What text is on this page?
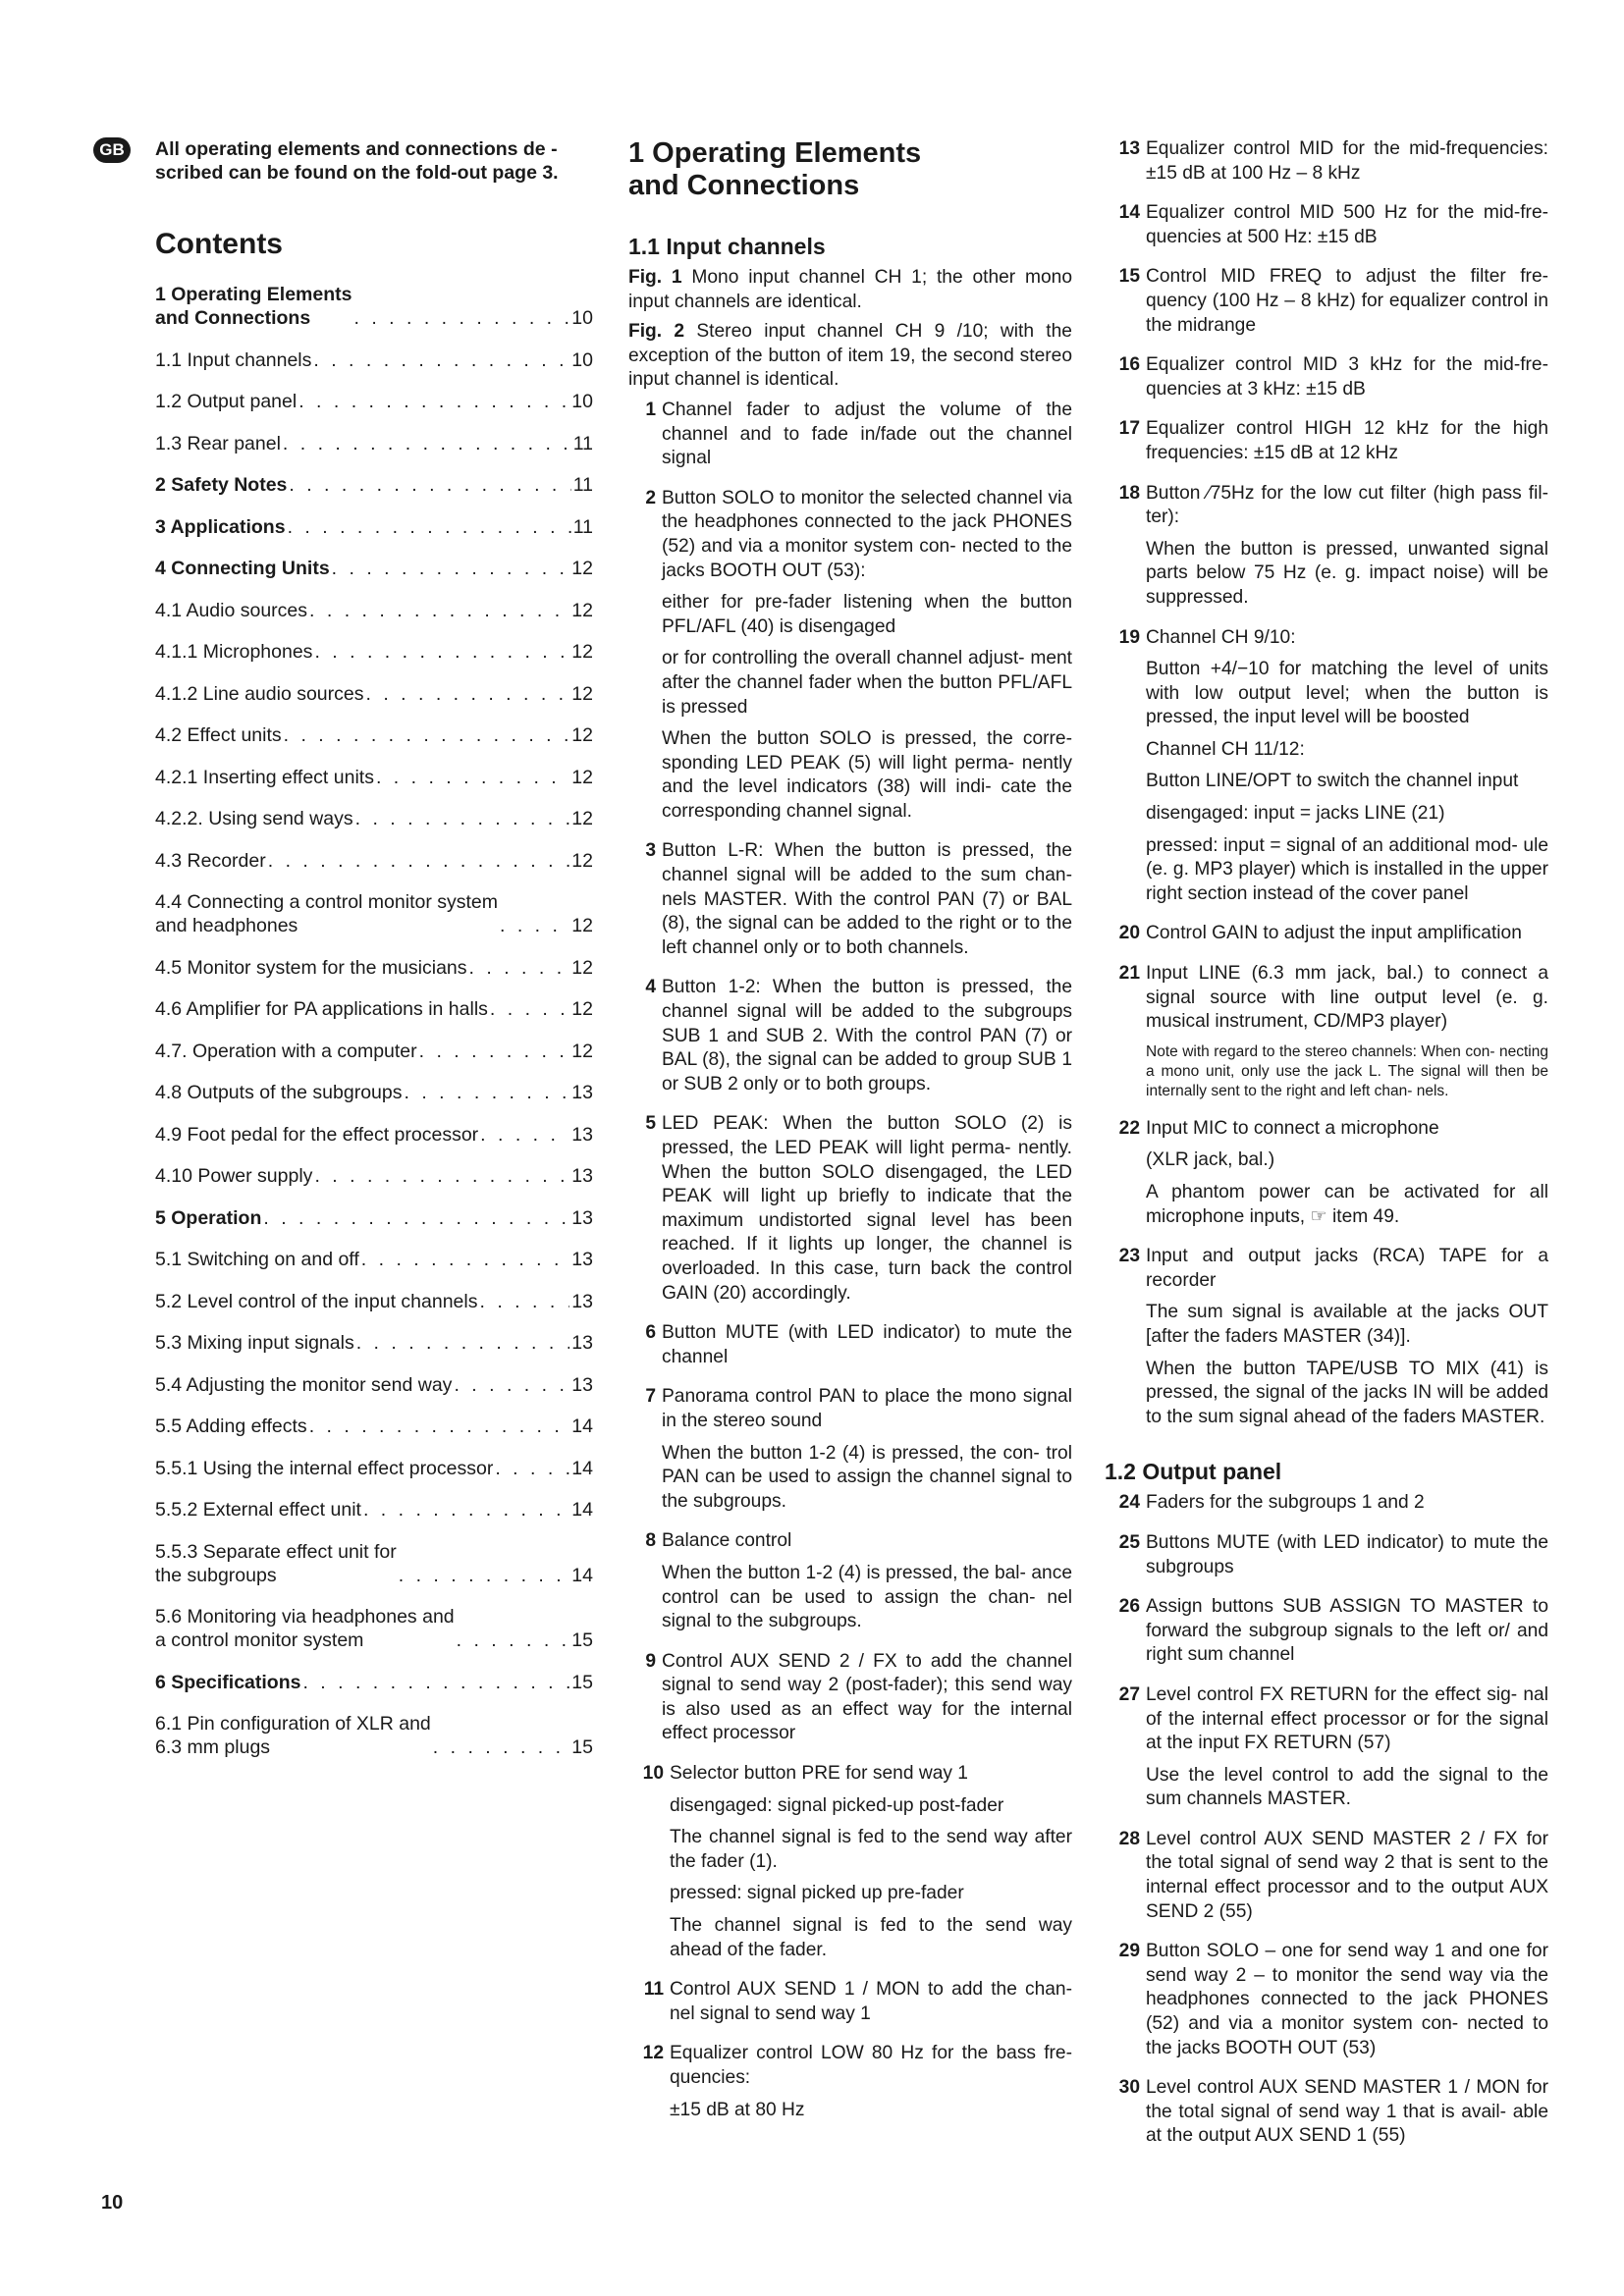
GB	All operating elements and connections de - scribed can be found on the fold-out page 3.
Contents
1 Operating Elements
and Connections . . .	10
1.1 Input channels . . .	10
1.2 Output panel . . .	10
1.3 Rear panel . . .	11
2 Safety Notes . . .	11
3 Applications . . .	11
4 Connecting Units . . .	12
4.1 Audio sources . . .	12
4.1.1 Microphones . . .	12
4.1.2 Line audio sources . . .	12
4.2 Effect units . . .	12
4.2.1 Inserting effect units . . .	12
4.2.2. Using send ways . . .	12
4.3 Recorder . . .	12
4.4 Connecting a control monitor system
and headphones . . .	12
4.5 Monitor system for the musicians . . .	12
4.6 Amplifier for PA applications in halls . . .	12
4.7. Operation with a computer . . .	12
4.8 Outputs of the subgroups . . .	13
4.9 Foot pedal for the effect processor . . .	13
4.10 Power supply . . .	13
5 Operation . . .	13
5.1 Switching on and off . . .	13
5.2 Level control of the input channels . . .	13
5.3 Mixing input signals . . .	13
5.4 Adjusting the monitor send way . . .	13
5.5 Adding effects . . .	14
5.5.1 Using the internal effect processor . . .	14
5.5.2 External effect unit . . .	14
5.5.3 Separate effect unit for
the subgroups . . .	14
5.6 Monitoring via headphones and
a control monitor system . . .	15
6 Specifications . . .	15
6.1 Pin configuration of XLR and
6.3 mm plugs . . .	15
1 Operating Elements
and Connections
1.1 Input channels
Fig. 1 Mono input channel CH 1; the other mono input channels are identical.
Fig. 2 Stereo input channel CH 9 /10; with the exception of the button of item 19, the second stereo input channel is identical.
1 Channel fader to adjust the volume of the channel and to fade in/fade out the channel signal

2 Button SOLO to monitor the selected channel via the headphones connected to the jack PHONES (52) and via a monitor system con- nected to the jacks BOOTH OUT (53):

either for pre-fader listening when the button PFL/AFL (40) is disengaged

or for controlling the overall channel adjust- ment after the channel fader when the button PFL/AFL is pressed

When the button SOLO is pressed, the corre- sponding LED PEAK (5) will light perma- nently and the level indicators (38) will indi- cate the corresponding channel signal.

3 Button L-R: When the button is pressed, the channel signal will be added to the sum chan- nels MASTER. With the control PAN (7) or BAL (8), the signal can be added to the right or to the left channel only or to both channels.

4 Button 1-2: When the button is pressed, the channel signal will be added to the subgroups SUB 1 and SUB 2. With the control PAN (7) or BAL (8), the signal can be added to group SUB 1 or SUB 2 only or to both groups.

5 LED PEAK: When the button SOLO (2) is pressed, the LED PEAK will light perma- nently. When the button SOLO disengaged, the LED PEAK will light up briefly to indicate that the maximum undistorted signal level has been reached. If it lights up longer, the channel is overloaded. In this case, turn back the control GAIN (20) accordingly.

6 Button MUTE (with LED indicator) to mute the channel

7 Panorama control PAN to place the mono signal in the stereo sound

When the button 1-2 (4) is pressed, the con- trol PAN can be used to assign the channel signal to the subgroups.

8 Balance control

When the button 1-2 (4) is pressed, the bal- ance control can be used to assign the chan- nel signal to the subgroups.

9 Control AUX SEND 2 / FX to add the channel signal to send way 2 (post-fader); this send way is also used as an effect way for the internal effect processor

10 Selector button PRE for send way 1

disengaged: signal picked-up post-fader

The channel signal is fed to the send way after the fader (1).

pressed: signal picked up pre-fader

The channel signal is fed to the send way ahead of the fader.

11 Control AUX SEND 1 / MON to add the chan- nel signal to send way 1

12 Equalizer control LOW 80 Hz for the bass fre- quencies:

±15 dB at 80 Hz

13 Equalizer control MID for the mid-frequencies: ±15 dB at 100 Hz – 8 kHz

14 Equalizer control MID 500 Hz for the mid-fre- quencies at 500 Hz: ±15 dB

15 Control MID FREQ to adjust the filter fre- quency (100 Hz – 8 kHz) for equalizer control in the midrange

16 Equalizer control MID 3 kHz for the mid-fre- quencies at 3 kHz: ±15 dB

17 Equalizer control HIGH 12 kHz for the high frequencies: ±15 dB at 12 kHz

18 Button ⁄75Hz for the low cut filter (high pass fil- ter):

When the button is pressed, unwanted signal parts below 75 Hz (e. g. impact noise) will be suppressed.

19 Channel CH 9/10:

Button +4/−10 for matching the level of units with low output level; when the button is pressed, the input level will be boosted

Channel CH 11/12:

Button LINE/OPT to switch the channel input

disengaged: input = jacks LINE (21)

pressed: input = signal of an additional mod- ule (e. g. MP3 player) which is installed in the upper right section instead of the cover panel

20 Control GAIN to adjust the input amplification

21 Input LINE (6.3 mm jack, bal.) to connect a signal source with line output level (e. g. musical instrument, CD/MP3 player)

Note with regard to the stereo channels: When con- necting a mono unit, only use the jack L. The signal will then be internally sent to the right and left chan- nels.

22 Input MIC to connect a microphone

(XLR jack, bal.)

A phantom power can be activated for all microphone inputs, ☞ item 49.

23 Input and output jacks (RCA) TAPE for a recorder

The sum signal is available at the jacks OUT [after the faders MASTER (34)].

When the button TAPE/USB TO MIX (41) is pressed, the signal of the jacks IN will be added to the sum signal ahead of the faders MASTER.

1.2 Output panel
24 Faders for the subgroups 1 and 2

25 Buttons MUTE (with LED indicator) to mute the subgroups

26 Assign buttons SUB ASSIGN TO MASTER to forward the subgroup signals to the left or/ and right sum channel

27 Level control FX RETURN for the effect sig- nal of the internal effect processor or for the signal at the input FX RETURN (57)

Use the level control to add the signal to the sum channels MASTER.

28 Level control AUX SEND MASTER 2 / FX for the total signal of send way 2 that is sent to the internal effect processor and to the output AUX SEND 2 (55)

29 Button SOLO – one for send way 1 and one for send way 2 – to monitor the send way via the headphones connected to the jack PHONES (52) and via a monitor system con- nected to the jacks BOOTH OUT (53)

30 Level control AUX SEND MASTER 1 / MON for the total signal of send way 1 that is avail- able at the output AUX SEND 1 (55)

10
